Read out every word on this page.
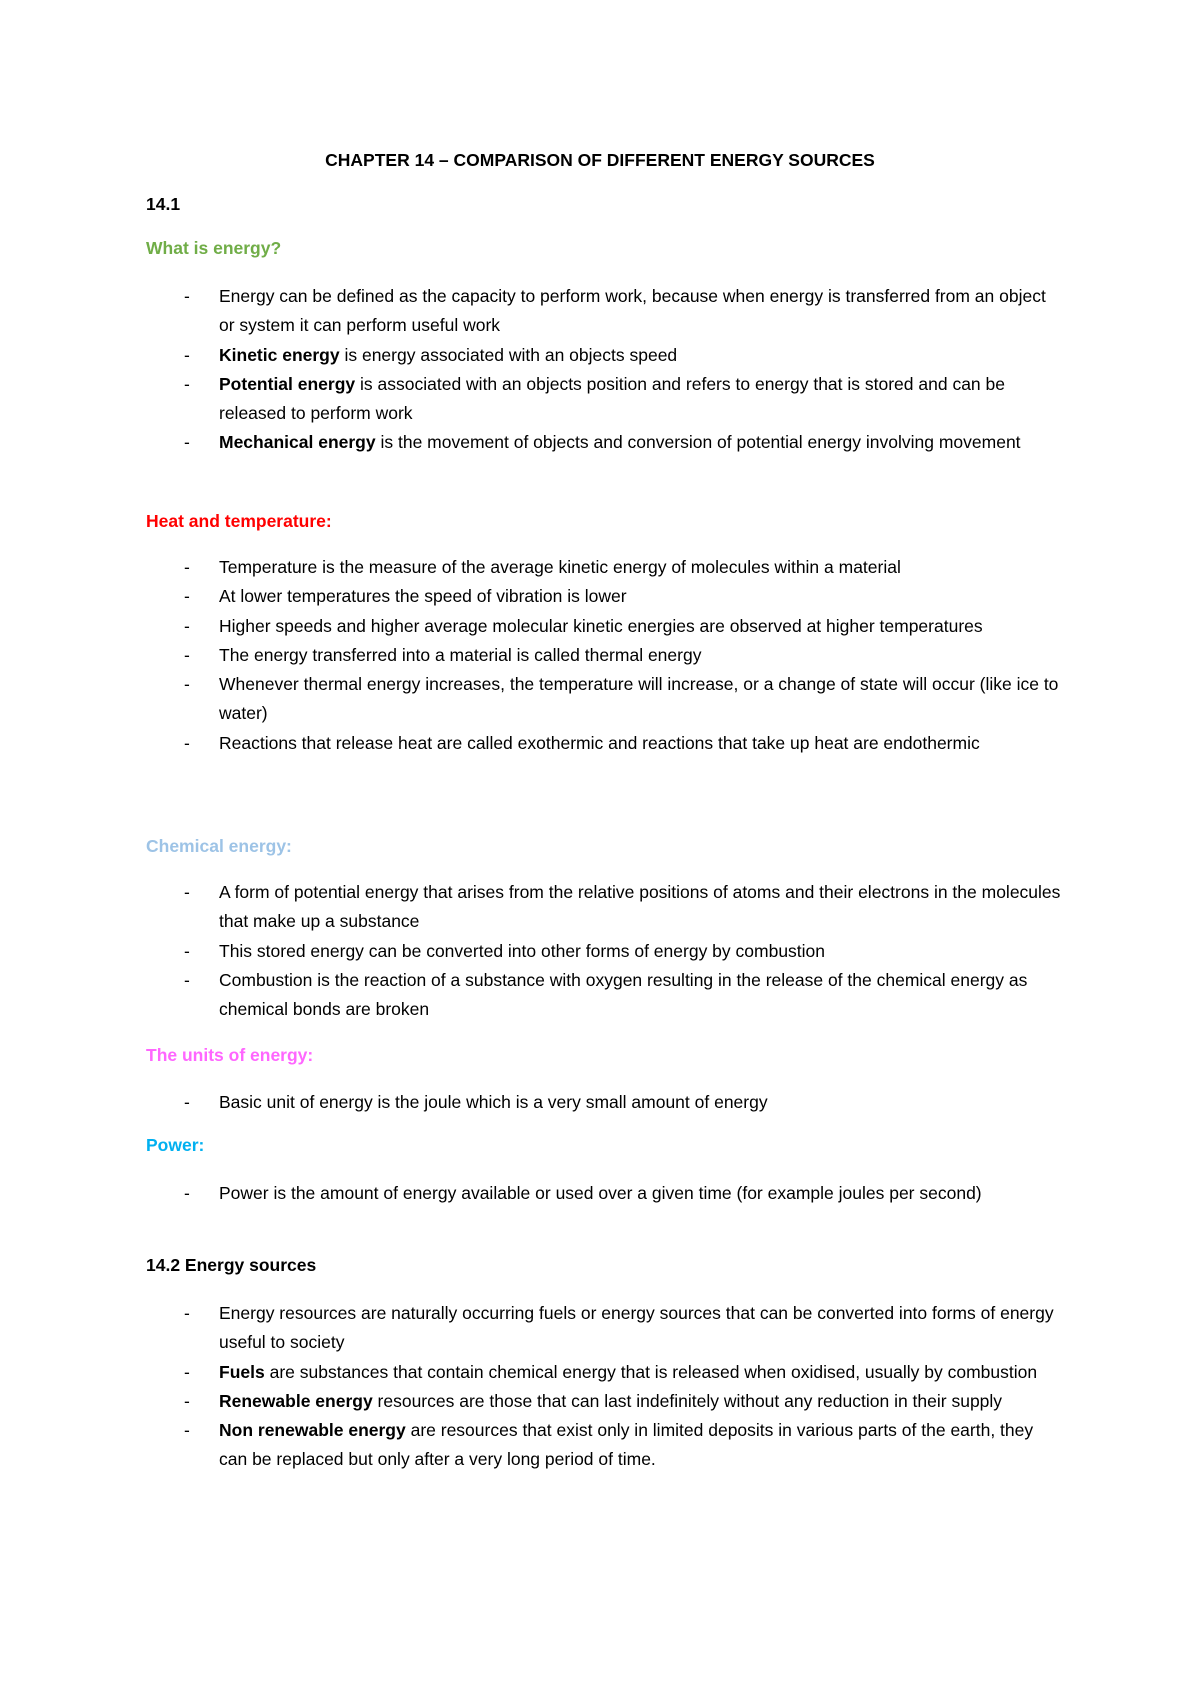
CHAPTER 14 – COMPARISON OF DIFFERENT ENERGY SOURCES

14.1

What is energy?

- Energy can be defined as the capacity to perform work, because when energy is transferred from an object or system it can perform useful work
- Kinetic energy is energy associated with an objects speed
- Potential energy is associated with an objects position and refers to energy that is stored and can be released to perform work
- Mechanical energy is the movement of objects and conversion of potential energy involving movement

Heat and temperature:

- Temperature is the measure of the average kinetic energy of molecules within a material
- At lower temperatures the speed of vibration is lower
- Higher speeds and higher average molecular kinetic energies are observed at higher temperatures
- The energy transferred into a material is called thermal energy
- Whenever thermal energy increases, the temperature will increase, or a change of state will occur (like ice to water)
- Reactions that release heat are called exothermic and reactions that take up heat are endothermic

Chemical energy:

- A form of potential energy that arises from the relative positions of atoms and their electrons in the molecules that make up a substance
- This stored energy can be converted into other forms of energy by combustion
- Combustion is the reaction of a substance with oxygen resulting in the release of the chemical energy as chemical bonds are broken

The units of energy:

- Basic unit of energy is the joule which is a very small amount of energy

Power:

- Power is the amount of energy available or used over a given time (for example joules per second)

14.2 Energy sources

- Energy resources are naturally occurring fuels or energy sources that can be converted into forms of energy useful to society
- Fuels are substances that contain chemical energy that is released when oxidised, usually by combustion
- Renewable energy resources are those that can last indefinitely without any reduction in their supply
- Non renewable energy are resources that exist only in limited deposits in various parts of the earth, they can be replaced but only after a very long period of time.
